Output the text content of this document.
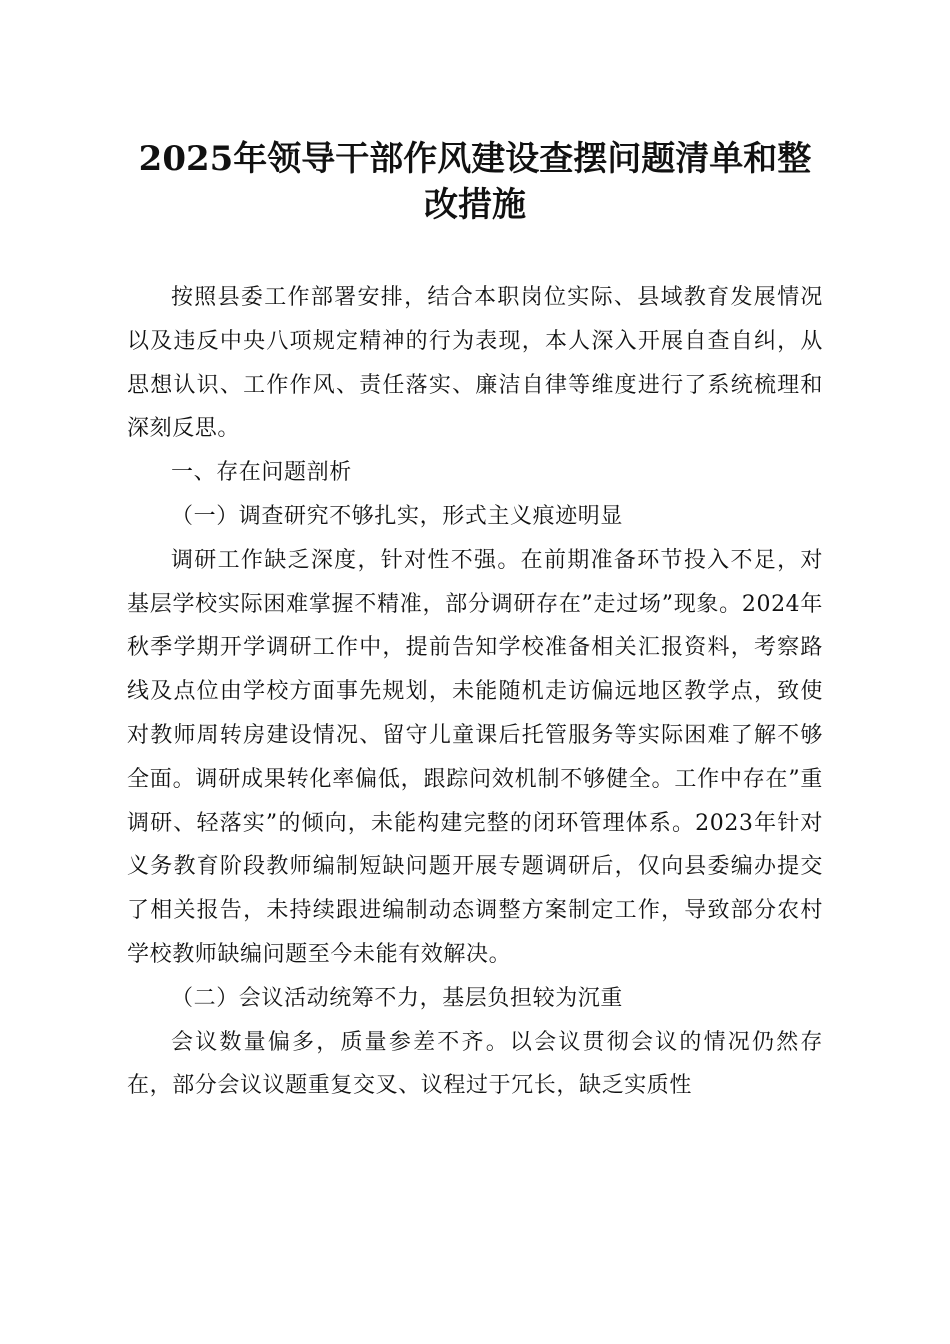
2025年领导干部作风建设查摆问题清单和整
改措施

按照县委工作部署安排，结合本职岗位实际、县域教育发展情况以及违反中央八项规定精神的行为表现，本人深入开展自查自纠，从思想认识、工作作风、责任落实、廉洁自律等维度进行了系统梳理和深刻反思。

一、存在问题剖析

（一）调查研究不够扎实，形式主义痕迹明显

调研工作缺乏深度，针对性不强。在前期准备环节投入不足，对基层学校实际困难掌握不精准，部分调研存在”走过场”现象。2024年秋季学期开学调研工作中，提前告知学校准备相关汇报资料，考察路线及点位由学校方面事先规划，未能随机走访偏远地区教学点，致使对教师周转房建设情况、留守儿童课后托管服务等实际困难了解不够全面。调研成果转化率偏低，跟踪问效机制不够健全。工作中存在”重调研、轻落实”的倾向，未能构建完整的闭环管理体系。2023年针对义务教育阶段教师编制短缺问题开展专题调研后，仅向县委编办提交了相关报告，未持续跟进编制动态调整方案制定工作，导致部分农村学校教师缺编问题至今未能有效解决。

（二）会议活动统筹不力，基层负担较为沉重

会议数量偏多，质量参差不齐。以会议贯彻会议的情况仍然存在，部分会议议题重复交叉、议程过于冗长，缺乏实质性
